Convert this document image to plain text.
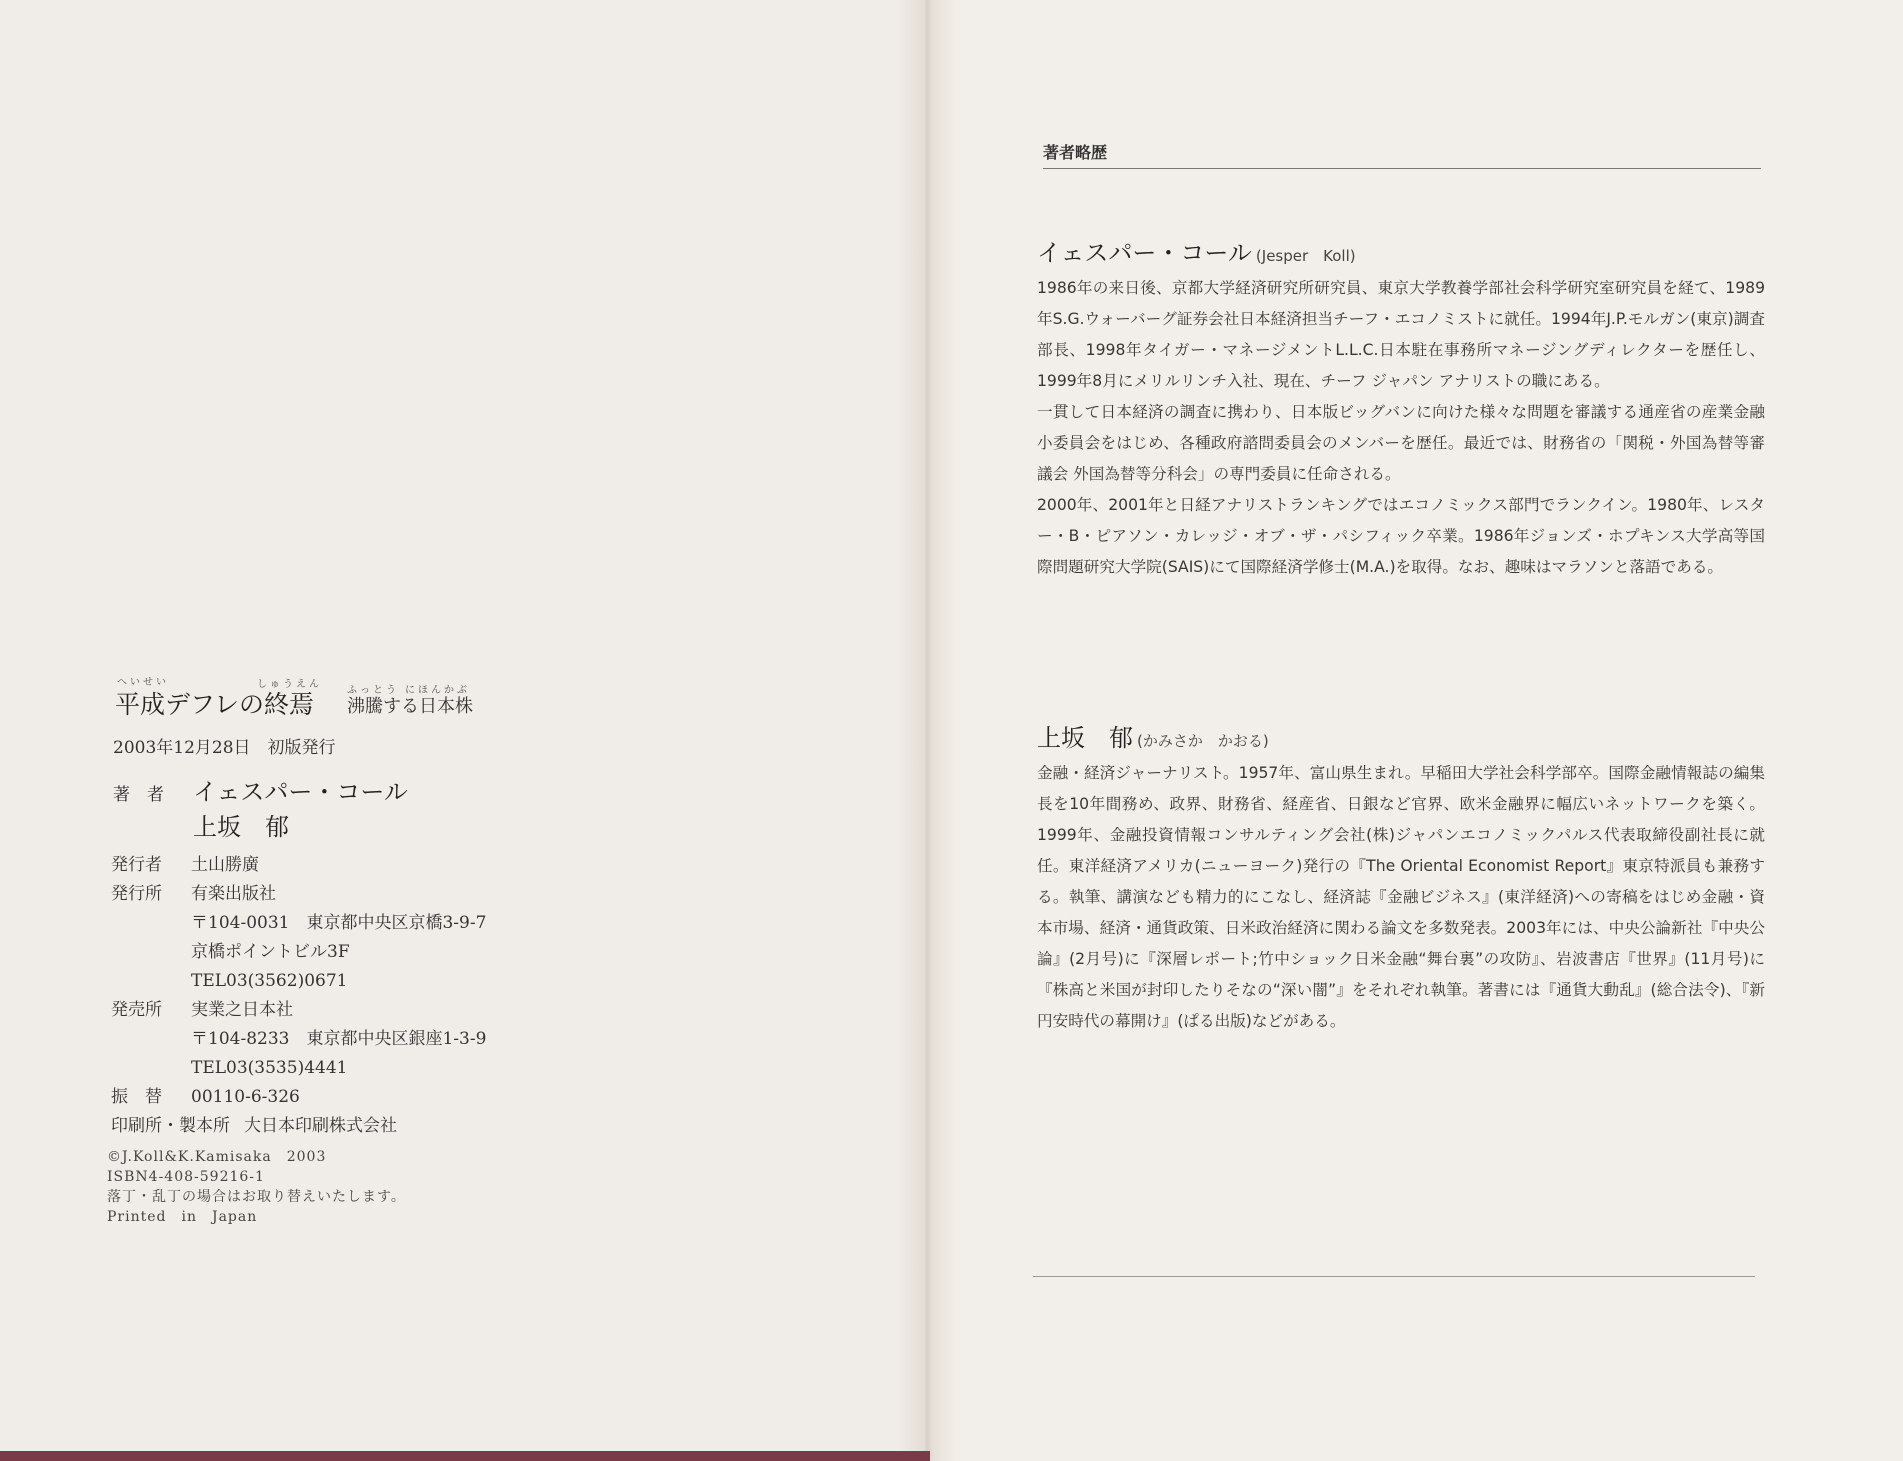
へいせい	しゅうえん
ふっとう にほんかぶ
平成デフレの終焉 沸騰する日本株
2003年12月28日　初版発行
著　者 イェスパー・コール
上坂　郁
発行者 土山勝廣
発行所 有楽出版社
〒104-0031　東京都中央区京橋3-9-7
京橋ポイントビル3F
TEL03(3562)0671
発売所 実業之日本社
〒104-8233　東京都中央区銀座1-3-9
TEL03(3535)4441
振　替 00110-6-326
印刷所・製本所 大日本印刷株式会社
©J.Koll&K.Kamisaka　2003
ISBN4-408-59216-1
落丁・乱丁の場合はお取り替えいたします。
Printed　in　Japan
著者略歴
イェスパー・コール (Jesper　Koll)

1986年の来日後、京都大学経済研究所研究員、東京大学教養学部社会科学研究室研究員を経て、1989年S.G.ウォーバーグ証券会社日本経済担当チーフ・エコノミストに就任。1994年J.P.モルガン(東京)調査部長、1998年タイガー・マネージメントL.L.C.日本駐在事務所マネージングディレクターを歴任し、1999年8月にメリルリンチ入社、現在、チーフ ジャパン アナリストの職にある。

一貫して日本経済の調査に携わり、日本版ビッグバンに向けた様々な問題を審議する通産省の産業金融小委員会をはじめ、各種政府諮問委員会のメンバーを歴任。最近では、財務省の「関税・外国為替等審議会 外国為替等分科会」の専門委員に任命される。

2000年、2001年と日経アナリストランキングではエコノミックス部門でランクイン。1980年、レスター・B・ピアソン・カレッジ・オブ・ザ・パシフィック卒業。1986年ジョンズ・ホプキンス大学高等国際問題研究大学院(SAIS)にて国際経済学修士(M.A.)を取得。なお、趣味はマラソンと落語である。

上坂　郁 (かみさか　かおる)

金融・経済ジャーナリスト。1957年、富山県生まれ。早稲田大学社会科学部卒。国際金融情報誌の編集長を10年間務め、政界、財務省、経産省、日銀など官界、欧米金融界に幅広いネットワークを築く。1999年、金融投資情報コンサルティング会社(株)ジャパンエコノミックパルス代表取締役副社長に就任。東洋経済アメリカ(ニューヨーク)発行の『The Oriental Economist Report』東京特派員も兼務する。執筆、講演なども精力的にこなし、経済誌『金融ビジネス』(東洋経済)への寄稿をはじめ金融・資本市場、経済・通貨政策、日米政治経済に関わる論文を多数発表。2003年には、中央公論新社『中央公論』(2月号)に『深層レポート;竹中ショック日米金融“舞台裏”の攻防』、岩波書店『世界』(11月号)に『株高と米国が封印したりそなの“深い闇”』をそれぞれ執筆。著書には『通貨大動乱』(総合法令)、『新円安時代の幕開け』(ぱる出版)などがある。
